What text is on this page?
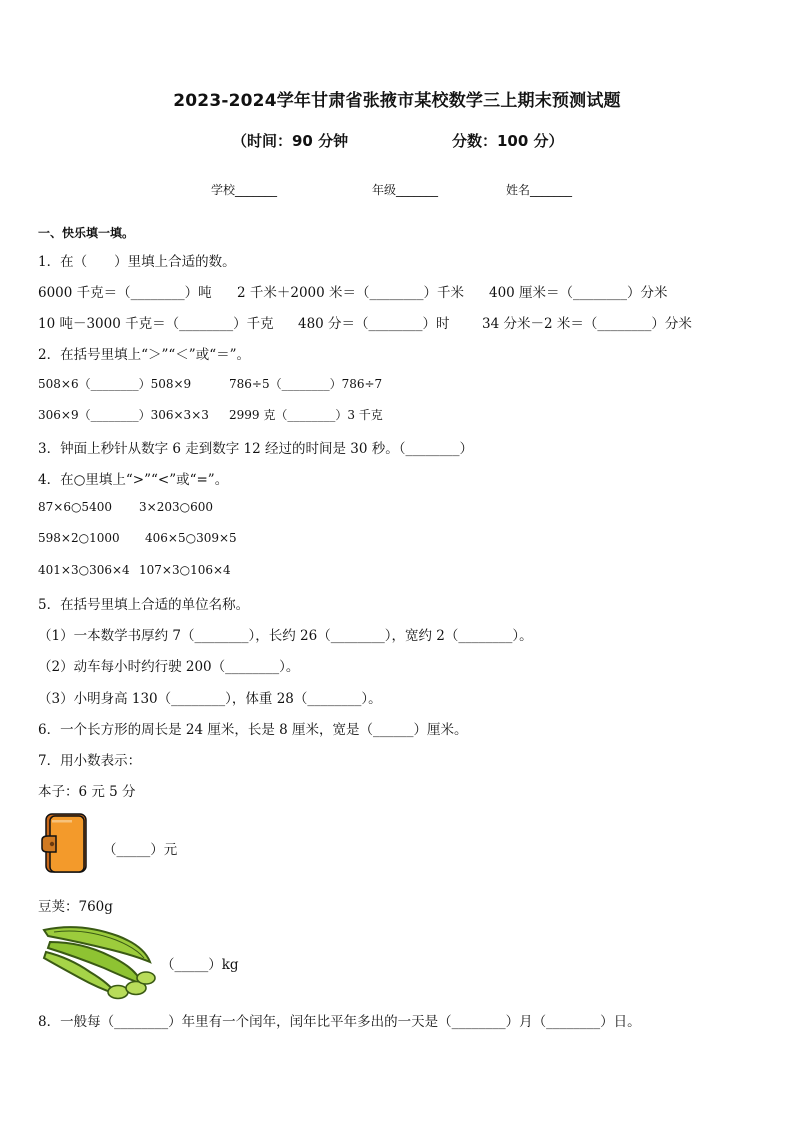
2023-2024学年甘肃省张掖市某校数学三上期末预测试题
（时间：90 分钟	分数：100 分）
学校_______	年级_______	姓名_______
一、快乐填一填。
1．在（　　）里填上合适的数。
6000 千克＝（________）吨 2 千米＋2000 米＝（________）千米 400 厘米＝（________）分米
10 吨－3000 千克＝（________）千克 480 分＝（________）时 34 分米－2 米＝（________）分米
2．在括号里填上“＞”“＜”或“＝”。
508×6（________）508×9	786÷5（________）786÷7
306×9（________）306×3×3 2999 克（________）3 千克
3．钟面上秒针从数字 6 走到数字 12 经过的时间是 30 秒。（________）
4．在○里填上“>”“<”或“=”。
87×6○5400 3×203○600
598×2○1000 406×5○309×5
401×3○306×4 107×3○106×4
5．在括号里填上合适的单位名称。
（1）一本数学书厚约 7（________），长约 26（________），宽约 2（________）。
（2）动车每小时约行驶 200（________）。
（3）小明身高 130（________），体重 28（________）。
6．一个长方形的周长是 24 厘米，长是 8 厘米，宽是（______）厘米。
7．用小数表示：
本子：6 元 5 分
（_____）元
豆荚：760g
（_____）kg
8．一般每（________）年里有一个闰年，闰年比平年多出的一天是（________）月（________）日。
